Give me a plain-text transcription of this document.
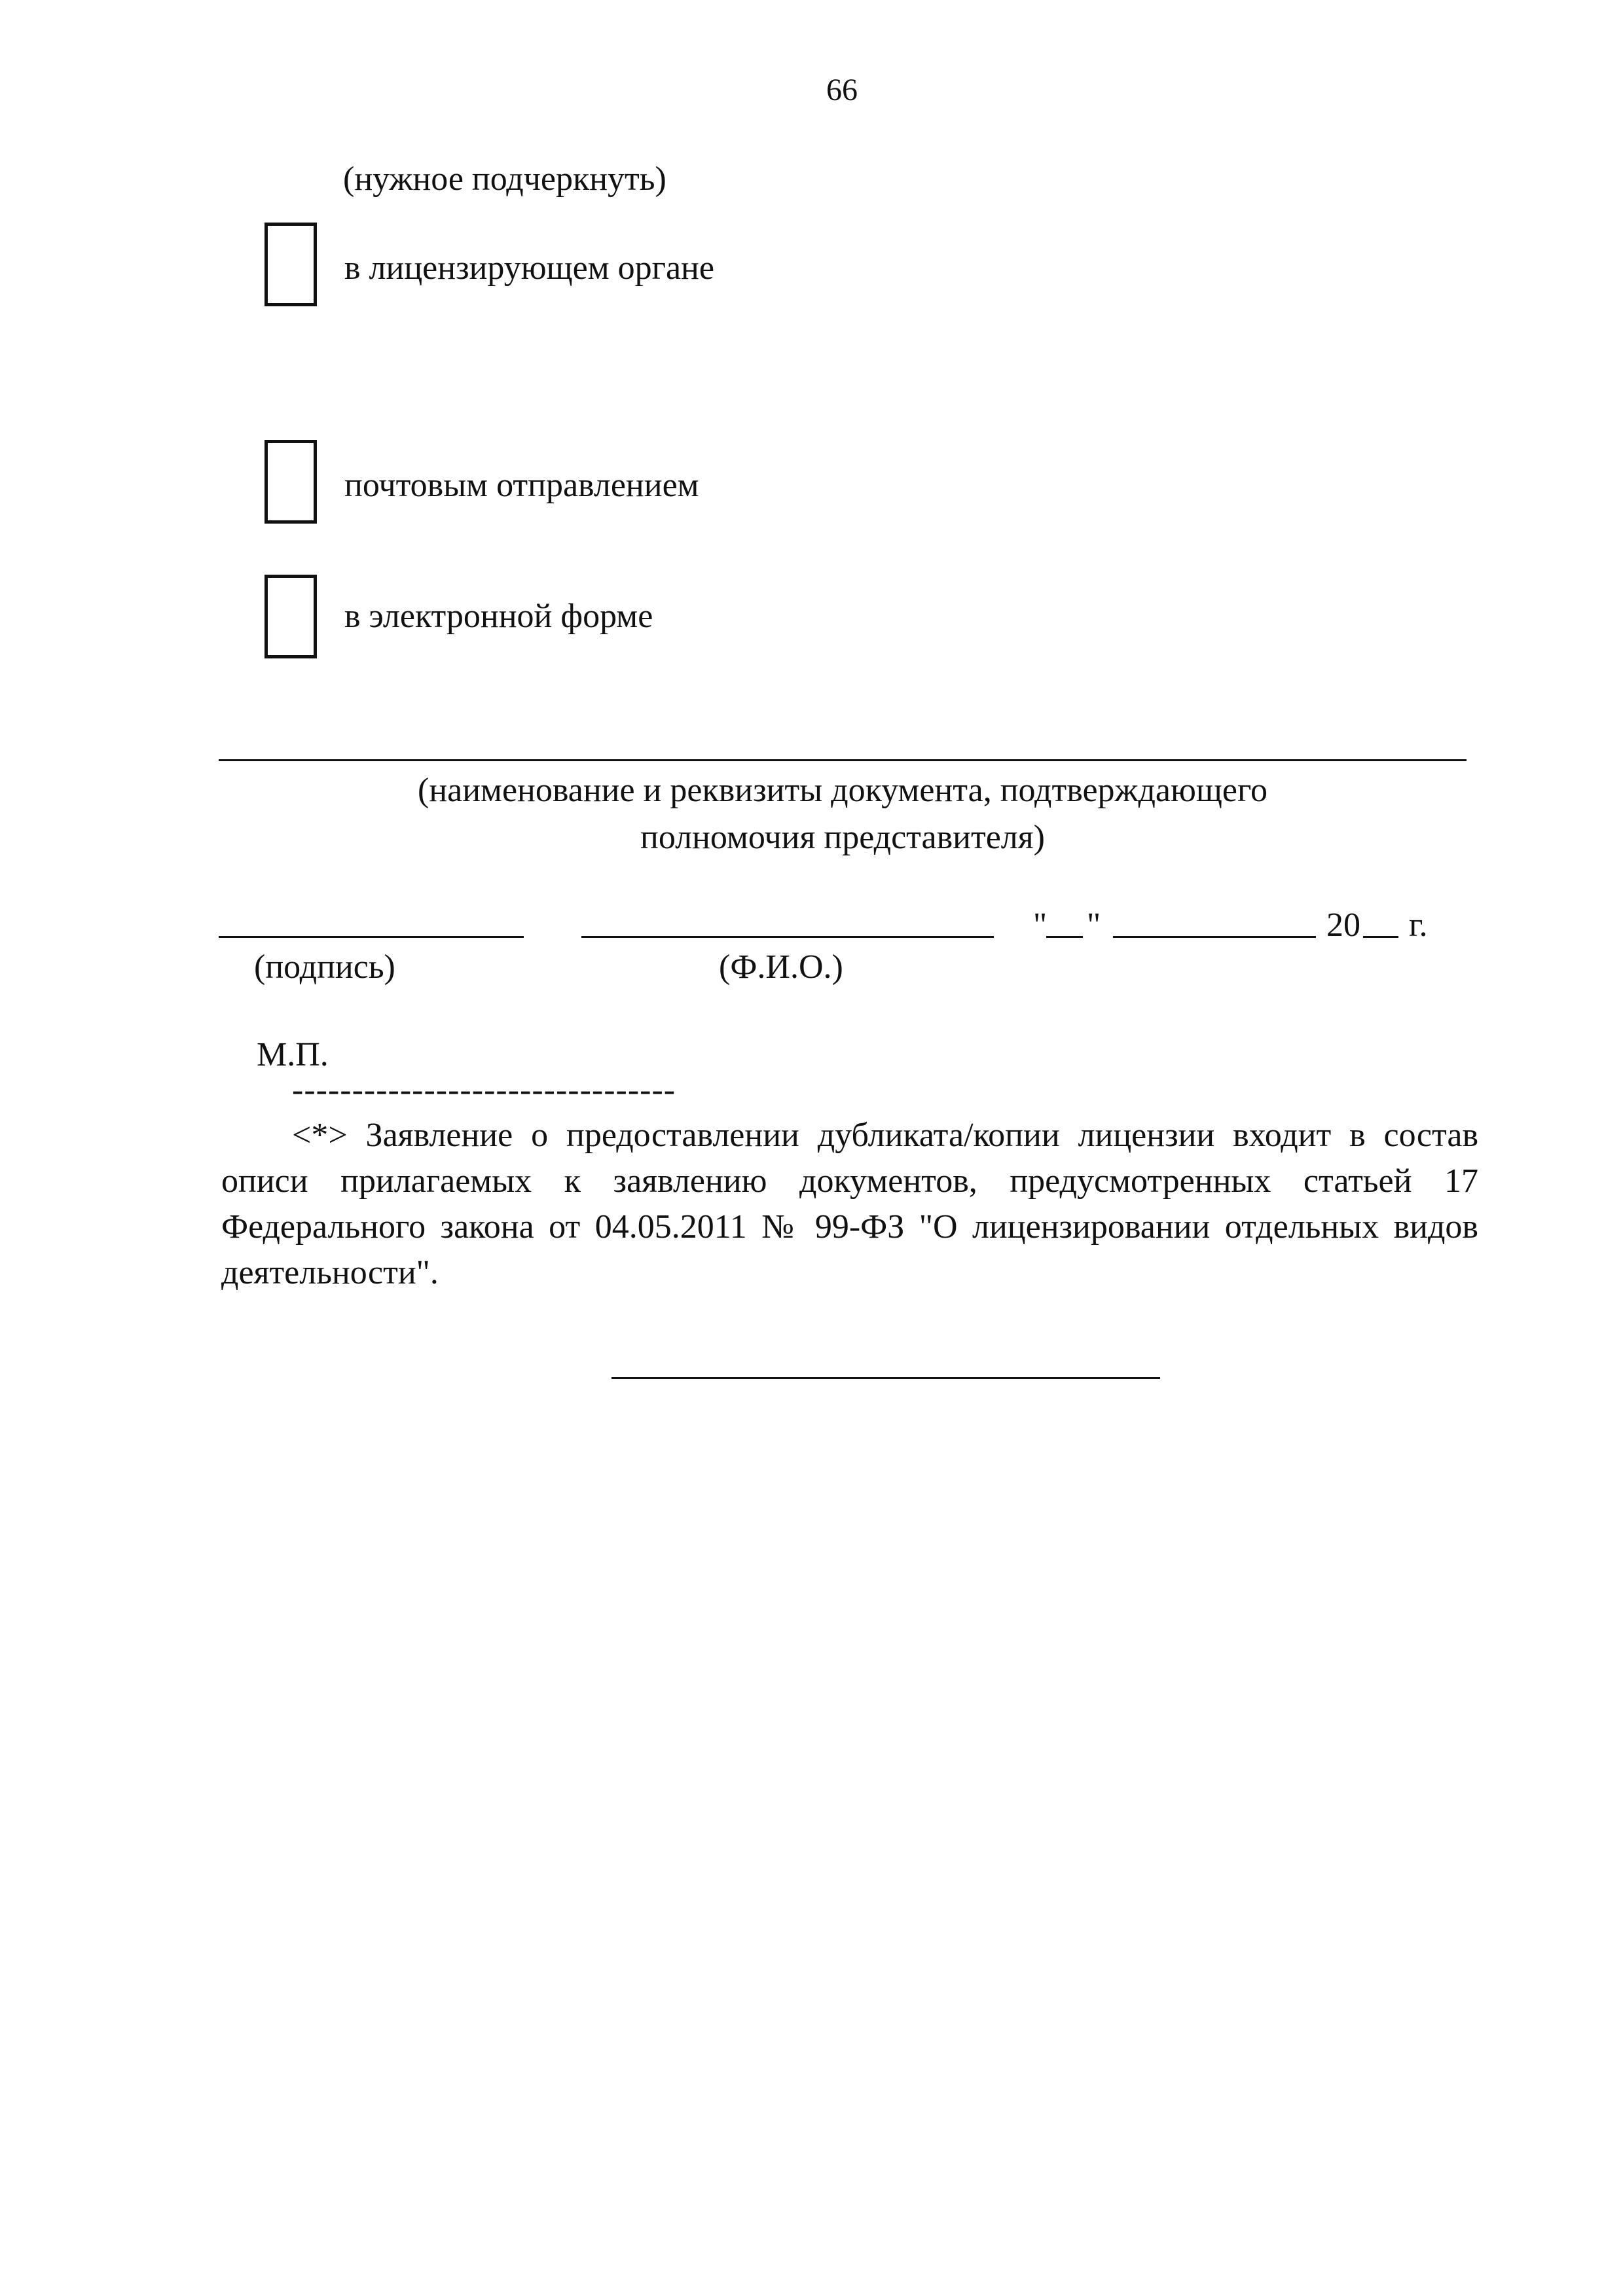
66
(нужное подчеркнуть)
в лицензирующем органе
почтовым отправлением
в электронной форме
(наименование и реквизиты документа, подтверждающего
полномочия представителя)
" "	20 г.
(подпись)	(Ф.И.О.)
М.П.
--------------------------------

<*> Заявление о предоставлении дубликата/копии лицензии входит в состав описи прилагаемых к заявлению документов, предусмотренных статьей 17 Федерального закона от 04.05.2011 № 99-ФЗ "О лицензировании отдельных видов деятельности".
